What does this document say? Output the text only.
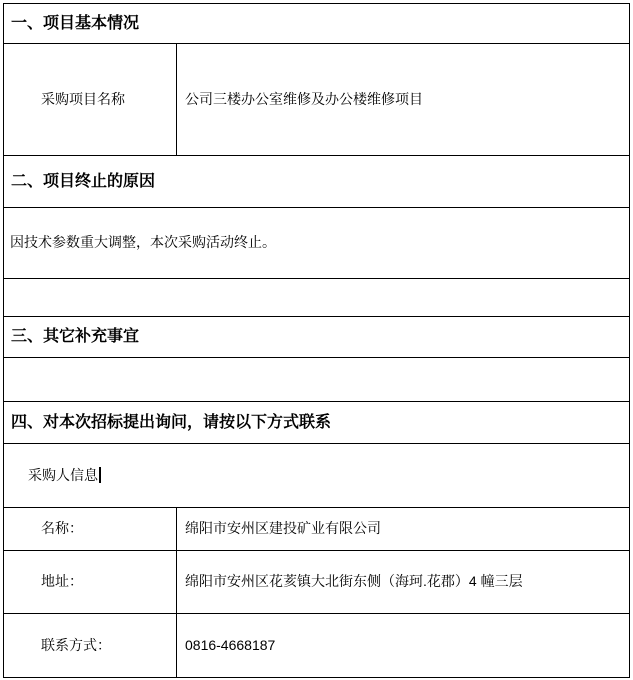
一、项目基本情况	
采购项目名称	公司三楼办公室维修及办公楼维修项目
二、项目终止的原因	
因技术参数重大调整，本次采购活动终止。	

三、其它补充事宜	

四、对本次招标提出询问，请按以下方式联系	
采购人信息	
名称：	绵阳市安州区建投矿业有限公司
地址：	绵阳市安州区花荄镇大北街东侧（海珂.花郡）4 幢三层
联系方式：	0816-4668187
